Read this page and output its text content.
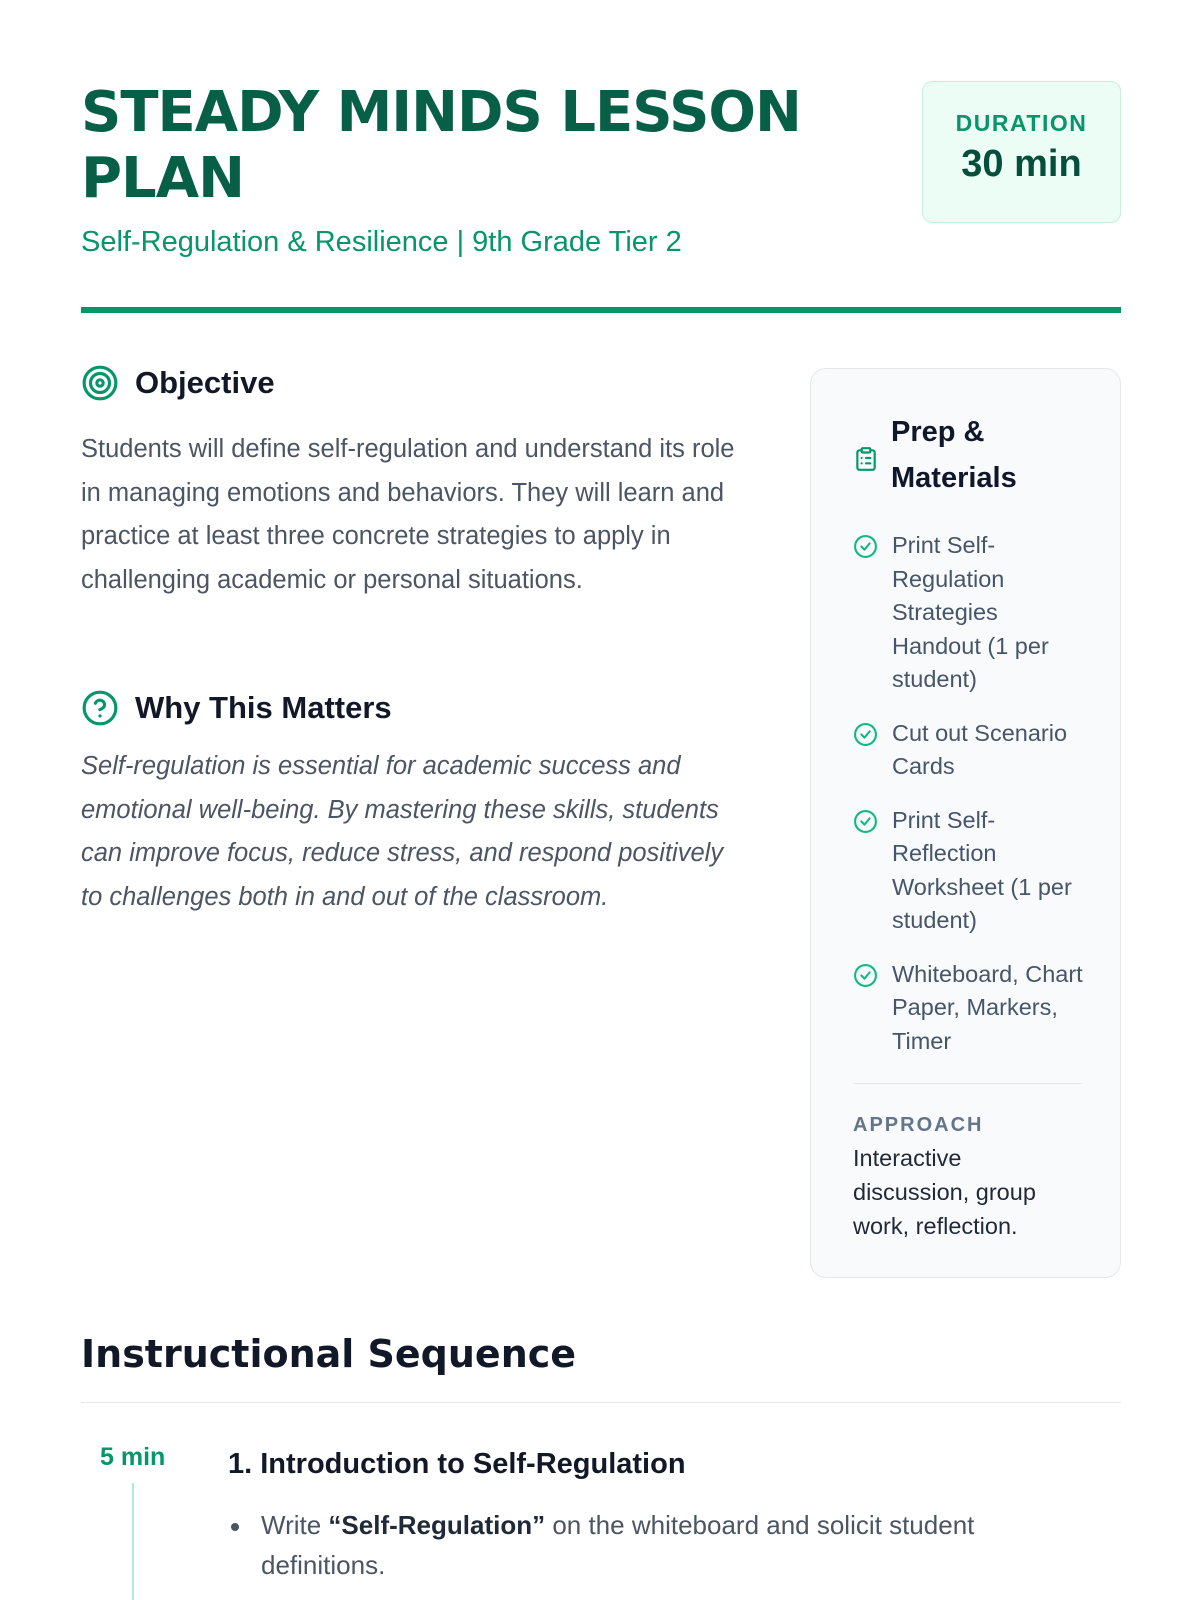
STEADY MINDS LESSON PLAN
Self-Regulation & Resilience | 9th Grade Tier 2
DURATION
30 min
Objective

Students will define self-regulation and understand its role in managing emotions and behaviors. They will learn and practice at least three concrete strategies to apply in challenging academic or personal situations.

Why This Matters

Self-regulation is essential for academic success and emotional well-being. By mastering these skills, students can improve focus, reduce stress, and respond positively to challenges both in and out of the classroom.

Prep & Materials
Print Self-Regulation Strategies Handout (1 per student)
Cut out Scenario Cards
Print Self-Reflection Worksheet (1 per student)
Whiteboard, Chart Paper, Markers, Timer
APPROACH
Interactive discussion, group work, reflection.
Instructional Sequence
5 min 1. Introduction to Self-Regulation
Write “Self-Regulation” on the whiteboard and solicit student definitions.
